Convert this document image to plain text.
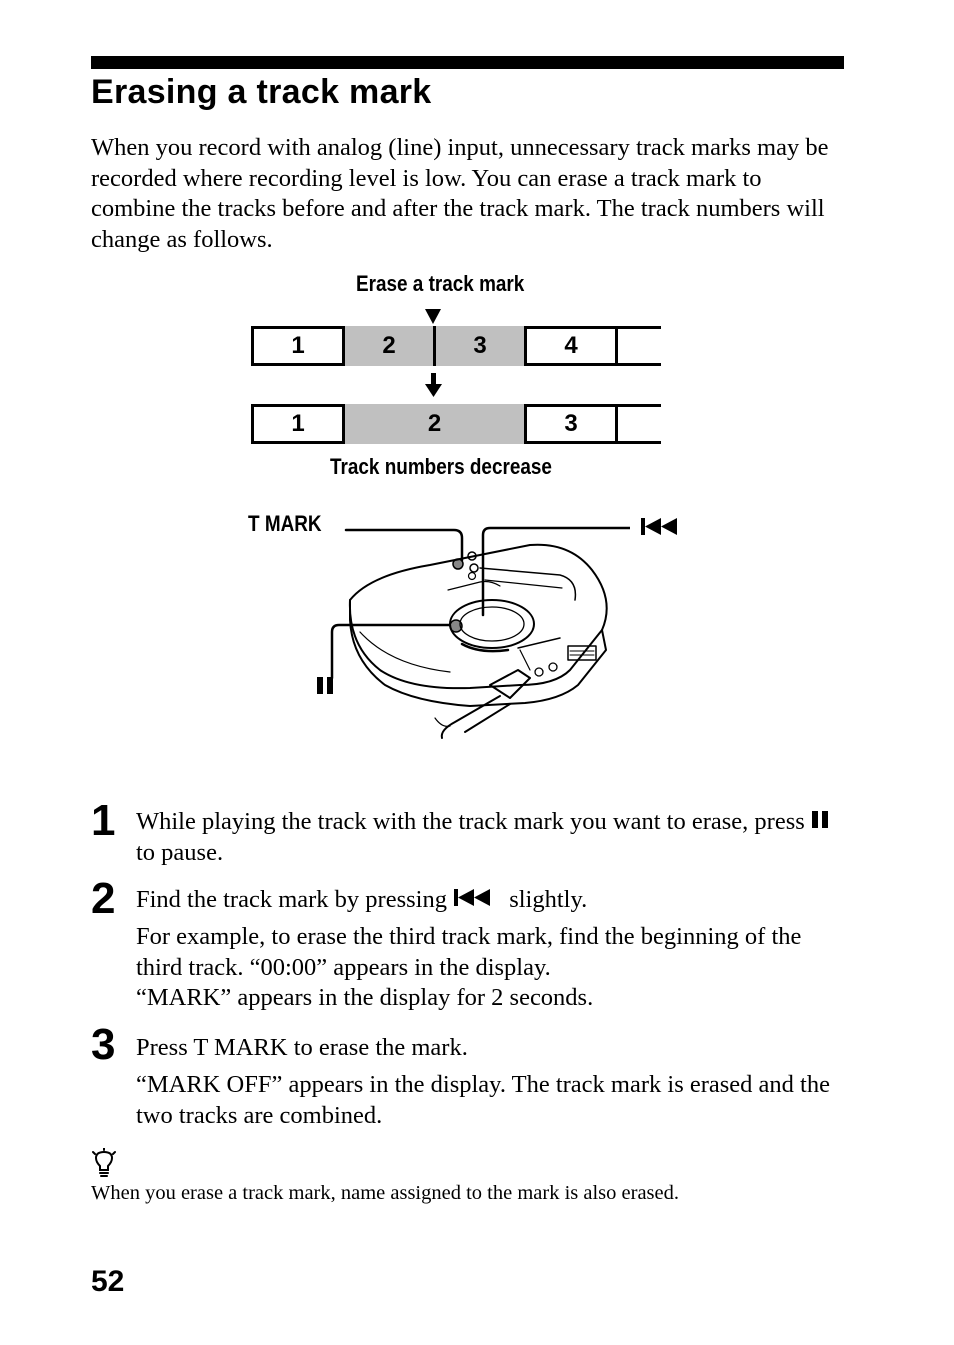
Erasing a track mark

When you record with analog (line) input, unnecessary track marks may be recorded where recording level is low. You can erase a track mark to combine the tracks before and after the track mark. The track numbers will change as follows.

Erase a track mark
1	2	3	4
1	2	3
Track numbers decrease
T MARK
1 While playing the track with the track mark you want to erase, press  to pause.

2 Find the track mark by pressing	slightly.

For example, to erase the third track mark, find the beginning of the third track. “00:00” appears in the display.

“MARK” appears in the display for 2 seconds.

3 Press T MARK to erase the mark.

“MARK OFF” appears in the display. The track mark is erased and the two tracks are combined.

When you erase a track mark, name assigned to the mark is also erased.

52
